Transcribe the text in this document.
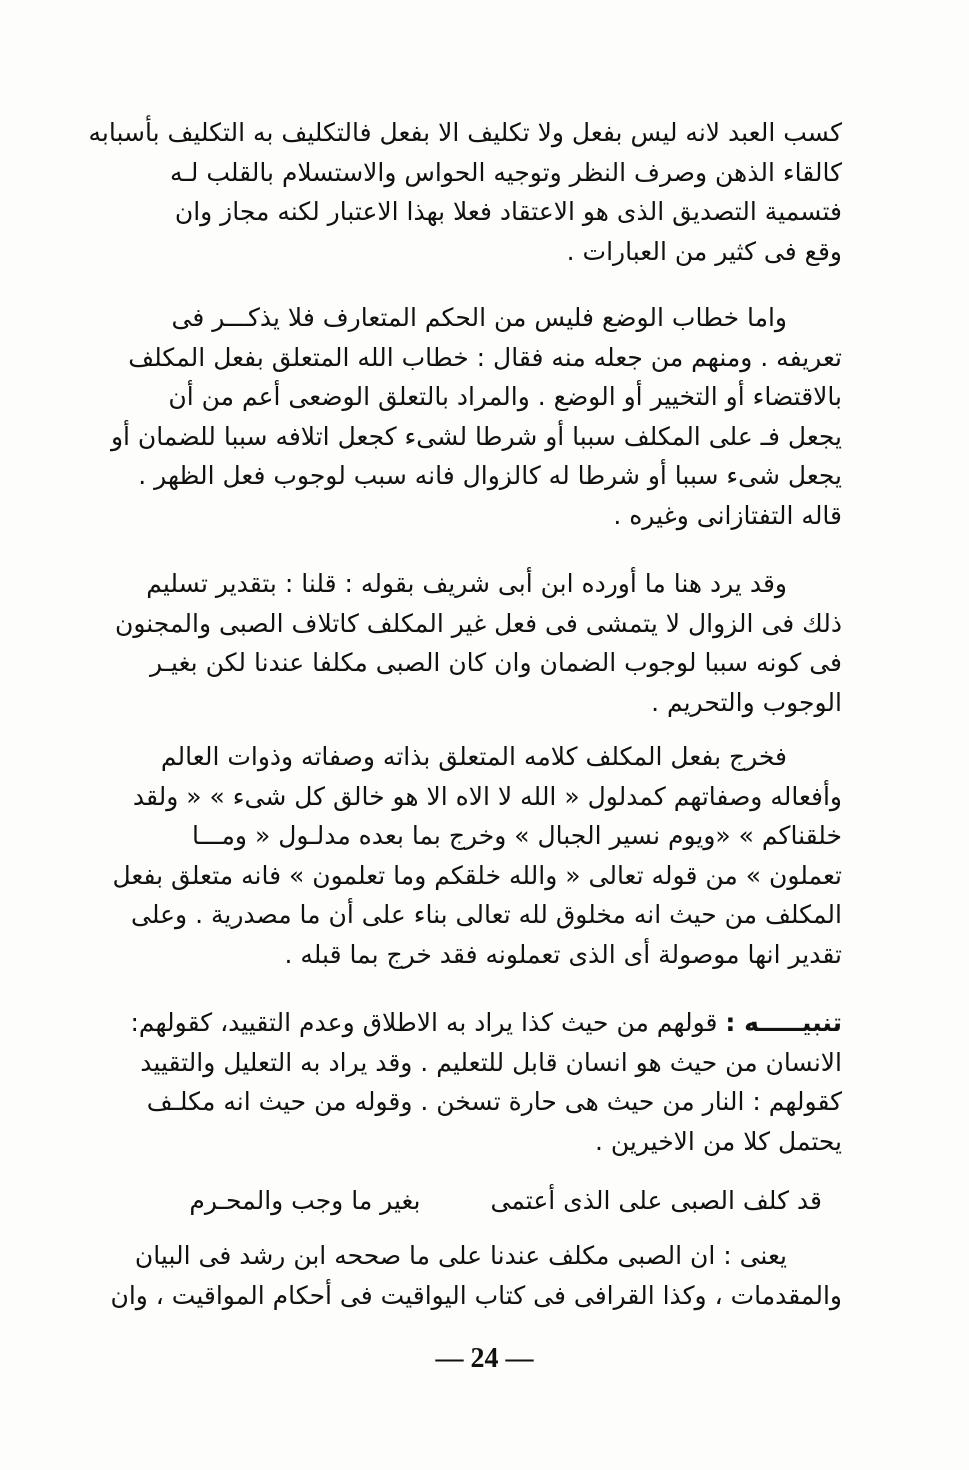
كسب العبد لانه ليس بفعل ولا تكليف الا بفعل فالتكليف به التكليف بأسبابه
كالقاء الذهن وصرف النظر وتوجيه الحواس والاستسلام بالقلب لـه
فتسمية التصديق الذى هو الاعتقاد فعلا بهذا الاعتبار لكنه مجاز وان
وقع فى كثير من العبارات .
واما خطاب الوضع فليس من الحكم المتعارف فلا يذكـــر فى
تعريفه . ومنهم من جعله منه فقال : خطاب الله المتعلق بفعل المكلف
بالاقتضاء أو التخيير أو الوضع . والمراد بالتعلق الوضعى أعم من أن
يجعل فـ على المكلف سببا أو شرطا لشىء كجعل اتلافه سببا للضمان أو
يجعل شىء سببا أو شرطا له كالزوال فانه سبب لوجوب فعل الظهر .
قاله التفتازانى وغيره .
وقد يرد هنا ما أورده ابن أبى شريف بقوله : قلنا : بتقدير تسليم
ذلك فى الزوال لا يتمشى فى فعل غير المكلف كاتلاف الصبى والمجنون
فى كونه سببا لوجوب الضمان وان كان الصبى مكلفا عندنا لكن بغيـر
الوجوب والتحريم .
فخرج بفعل المكلف كلامه المتعلق بذاته وصفاته وذوات العالم
وأفعاله وصفاتهم كمدلول « الله لا الاه الا هو خالق كل شىء » « ولقد
خلقناكم » «ويوم نسير الجبال » وخرج بما بعده مدلـول « ومـــا
تعملون » من قوله تعالى « والله خلقكم وما تعلمون » فانه متعلق بفعل
المكلف من حيث انه مخلوق لله تعالى بناء على أن ما مصدرية . وعلى
تقدير انها موصولة أى الذى تعملونه فقد خرج بما قبله .
تنبيـــــه : قولهم من حيث كذا يراد به الاطلاق وعدم التقييد، كقولهم:
الانسان من حيث هو انسان قابل للتعليم . وقد يراد به التعليل والتقييد
كقولهم : النار من حيث هى حارة تسخن . وقوله من حيث انه مكلـف
يحتمل كلا من الاخيرين .
قد كلف الصبى على الذى أعتمى
بغير ما وجب والمحـرم
يعنى : ان الصبى مكلف عندنا على ما صححه ابن رشد فى البيان
والمقدمات ، وكذا القرافى فى كتاب اليواقيت فى أحكام المواقيت ، وان
— 24 —
